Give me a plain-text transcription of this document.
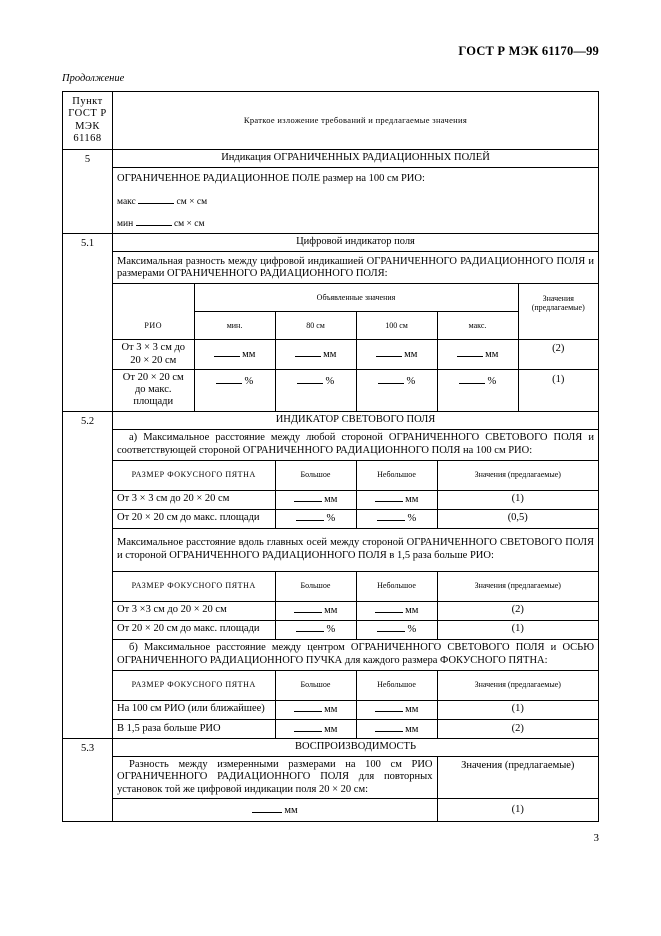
ГОСТ Р МЭК 61170—99
Продолжение
Пункт
ГОСТ Р
МЭК
61168
	Краткое изложение требований и предлагаемые значения
5		Индикация ОГРАНИЧЕННЫХ РАДИАЦИОННЫХ ПОЛЕЙ

ОГРАНИЧЕННОЕ РАДИАЦИОННОЕ ПОЛЕ размер на 100 см РИО:
макс	см × см
мин	см × см

5.1		Цифровой индикатор поля
Максимальная разность между цифровой индикашией ОГРАНИЧЕННОГО РАДИАЦИОННОГО ПОЛЯ и размерами ОГРАНИЧЕННОГО РАДИАЦИОННОГО ПОЛЯ:
РИО	Объявленные значения	Значения (предлагаемые)
мин.	80 см	100 см	макс.
От 3 × 3 см до 20 × 20 см	мм	мм	мм	мм	(2)
От 20 × 20 см до макс. площади	%	%	%	%	(1)

5.2		ИНДИКАТОР СВЕТОВОГО ПОЛЯ
а) Максимальное расстояние между любой стороной ОГРАНИЧЕННОГО СВЕТОВОГО ПОЛЯ и соответствующей стороной ОГРАНИЧЕННОГО РАДИАЦИОННОГО ПОЛЯ на 100 см РИО:
РАЗМЕР ФОКУСНОГО ПЯТНА	Большое	Небольшое	Значения (предлагаемые)
От 3 × 3 см до 20 × 20 см	мм	мм	(1)
От 20 × 20 см до макс. площади	%	%	(0,5)
Максимальное расстояние вдоль главных осей между стороной ОГРАНИЧЕННОГО СВЕТОВОГО ПОЛЯ и стороной ОГРАНИЧЕННОГО РАДИАЦИОННОГО ПОЛЯ в 1,5 раза больше РИО:
РАЗМЕР ФОКУСНОГО ПЯТНА	Большое	Небольшое	Значения (предлагаемые)
От 3 ×3 см до 20 × 20 см	мм	мм	(2)
От 20 × 20 см до макс. площади	%	%	(1)
б) Максимальное расстояние между центром ОГРАНИЧЕННОГО СВЕТОВОГО ПОЛЯ и ОСЬЮ ОГРАНИЧЕННОГО РАДИАЦИОННОГО ПУЧКА для каждого размера ФОКУСНОГО ПЯТНА:
РАЗМЕР ФОКУСНОГО ПЯТНА	Большое	Небольшое	Значения (предлагаемые)
На 100 см РИО (или ближайшее)	мм	мм	(1)
В 1,5 раза больше РИО	мм	мм	(2)

5.3		ВОСПРОИЗВОДИМОСТЬ
Разность между измеренными размерами на 100 см РИО ОГРАНИЧЕННОГО РАДИАЦИОННОГО ПОЛЯ для повторных установок той же цифровой индикации поля 20 × 20 см:	Значения (предлагаемые)
мм	(1)
3
